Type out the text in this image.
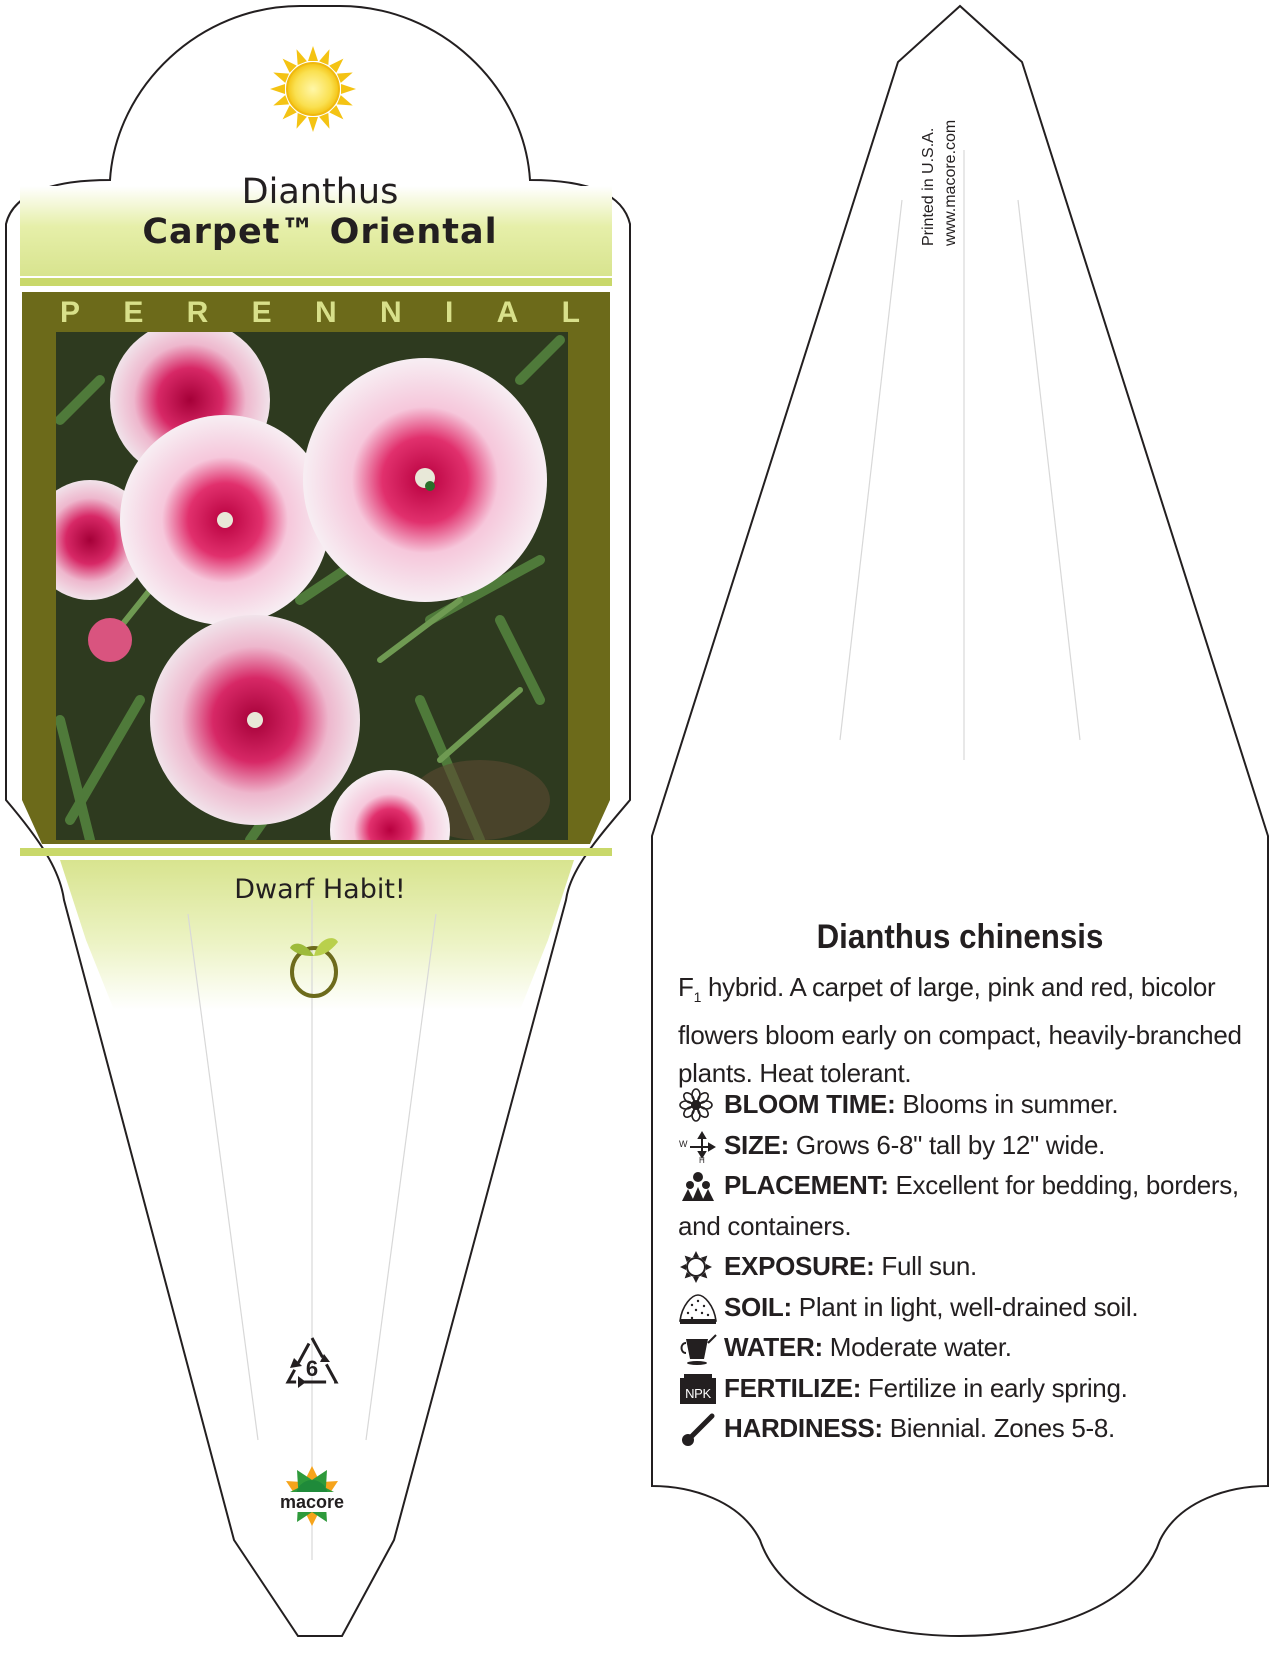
Dianthus
Carpet™ Oriental
P E R E N N I A L
Dwarf Habit!
6
macore
Printed in U.S.A. www.macore.com
Dianthus chinensis
$F_1$ hybrid. A carpet of large, pink and red, bicolor flowers bloom early on compact, heavily-branched plants. Heat tolerant.
BLOOM TIME: Blooms in summer.
W
H
SIZE: Grows 6-8" tall by 12" wide.
PLACEMENT: Excellent for bedding, borders, and containers.
EXPOSURE: Full sun.
SOIL: Plant in light, well-drained soil.
WATER: Moderate water.
NPK FERTILIZE: Fertilize in early spring.
HARDINESS: Biennial. Zones 5-8.
